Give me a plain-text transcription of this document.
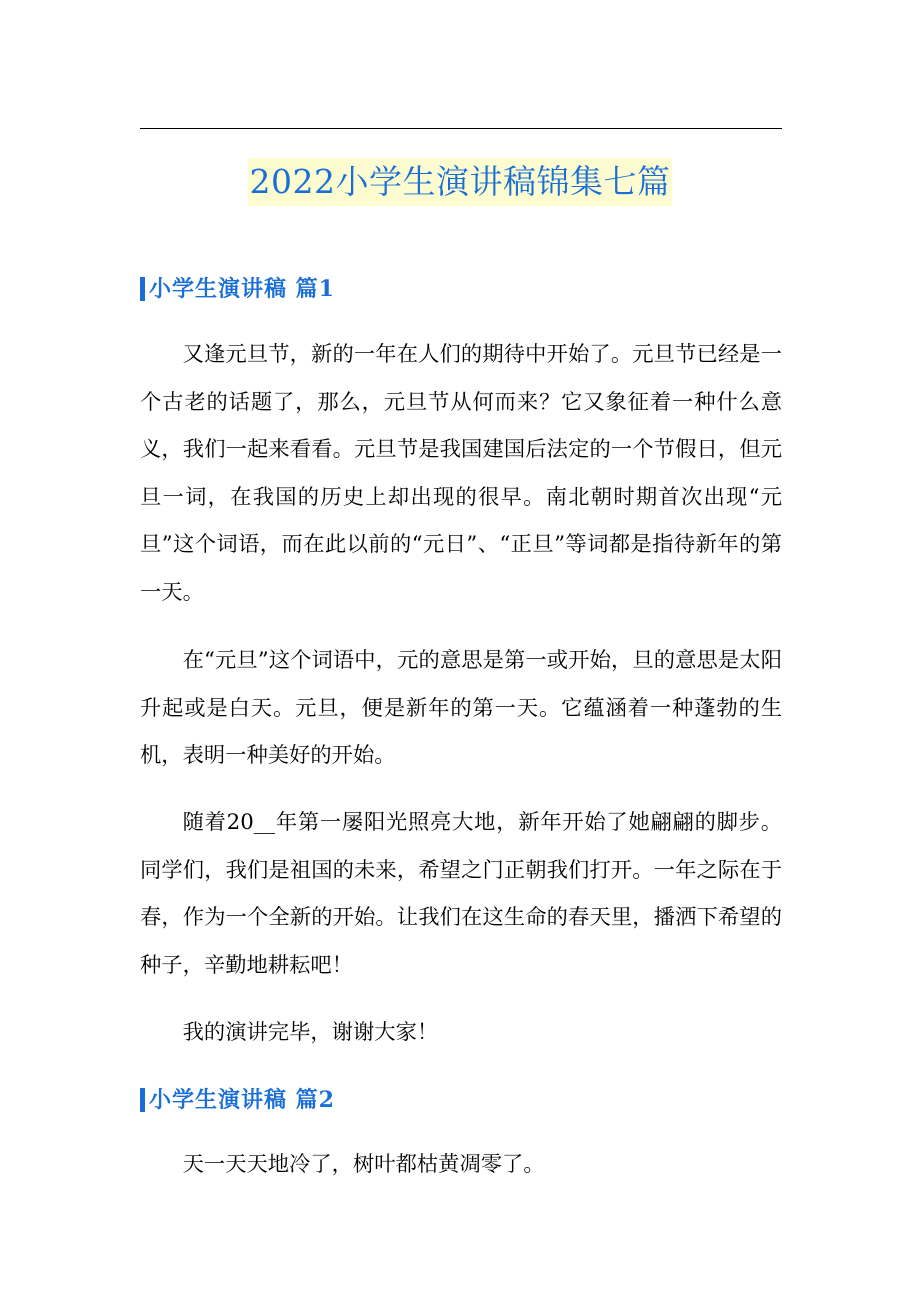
2022小学生演讲稿锦集七篇
小学生演讲稿 篇1

又逢元旦节，新的一年在人们的期待中开始了。元旦节已经是一个古老的话题了，那么，元旦节从何而来？它又象征着一种什么意义，我们一起来看看。元旦节是我国建国后法定的一个节假日，但元旦一词，在我国的历史上却出现的很早。南北朝时期首次出现“元旦”这个词语，而在此以前的“元日”、“正旦”等词都是指待新年的第一天。

在“元旦”这个词语中，元的意思是第一或开始，旦的意思是太阳升起或是白天。元旦，便是新年的第一天。它蕴涵着一种蓬勃的生机，表明一种美好的开始。

随着20__年第一屡阳光照亮大地，新年开始了她翩翩的脚步。同学们，我们是祖国的未来，希望之门正朝我们打开。一年之际在于春，作为一个全新的开始。让我们在这生命的春天里，播洒下希望的种子，辛勤地耕耘吧！

我的演讲完毕，谢谢大家！

小学生演讲稿 篇2

天一天天地冷了，树叶都枯黄凋零了。
